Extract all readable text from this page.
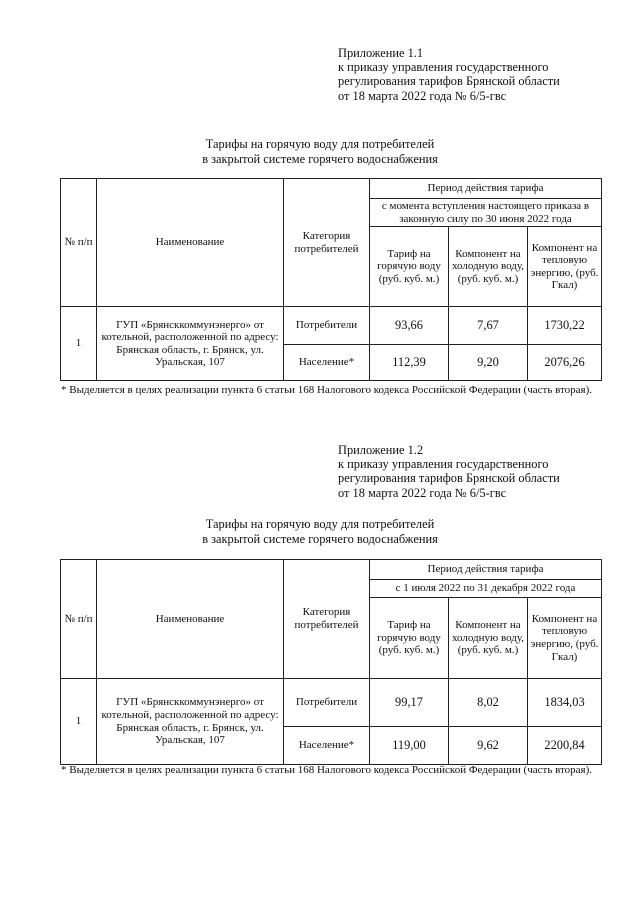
Приложение 1.1
к приказу управления государственного
регулирования тарифов Брянской области
от 18 марта 2022 года № 6/5-гвс
Тарифы на горячую воду для потребителей
в закрытой системе горячего водоснабжения
№ п/п	Наименование	Категория потребителей	Период действия тарифа		
			с момента вступления настоящего приказа в законную силу по 30 июня 2022 года		
			Тариф на горячую воду (руб. куб. м.)	Компонент на холодную воду, (руб. куб. м.)	Компонент на тепловую энергию, (руб. Гкал)
1	ГУП «Брянсккоммунэнерго» от котельной, расположенной по адресу: Брянская область, г. Брянск, ул. Уральская, 107	Потребители	93,66	7,67	1730,22
		Население*	112,39	9,20	2076,26
* Выделяется в целях реализации пункта 6 статьи 168 Налогового кодекса Российской Федерации (часть вторая).
Приложение 1.2
к приказу управления государственного
регулирования тарифов Брянской области
от 18 марта 2022 года № 6/5-гвс
Тарифы на горячую воду для потребителей
в закрытой системе горячего водоснабжения
№ п/п	Наименование	Категория потребителей	Период действия тарифа		
			с 1 июля 2022 по 31 декабря 2022 года		
			Тариф на горячую воду (руб. куб. м.)	Компонент на холодную воду, (руб. куб. м.)	Компонент на тепловую энергию, (руб. Гкал)
1	ГУП «Брянсккоммунэнерго» от котельной, расположенной по адресу: Брянская область, г. Брянск, ул. Уральская, 107	Потребители	99,17	8,02	1834,03
		Население*	119,00	9,62	2200,84
* Выделяется в целях реализации пункта 6 статьи 168 Налогового кодекса Российской Федерации (часть вторая).
